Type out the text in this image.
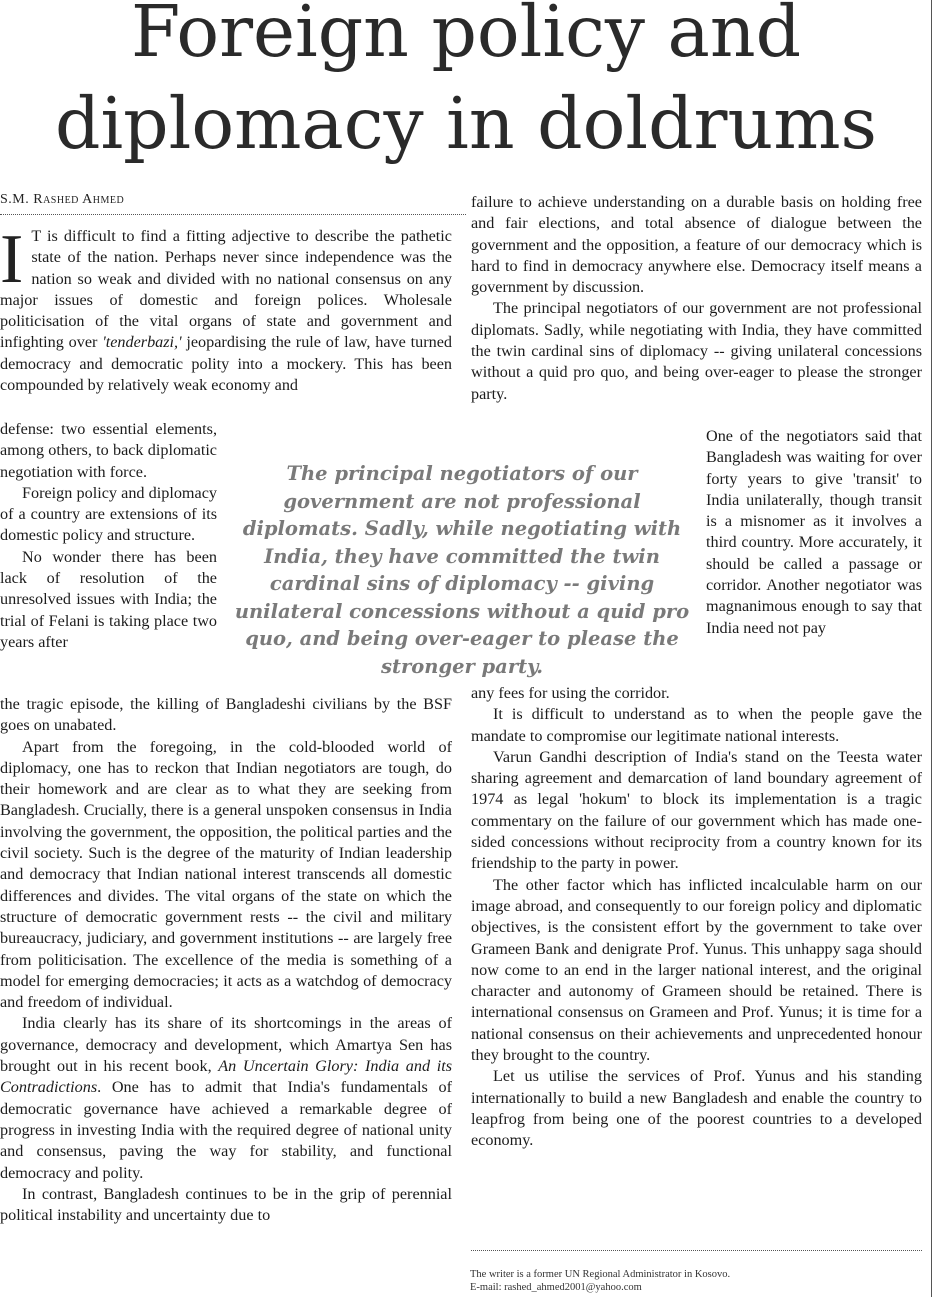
Foreign policy and
diplomacy in doldrums
S.M. Rashed Ahmed

I T is difficult to find a fitting adjective to describe the pathetic state of the nation. Perhaps never since independence was the nation so weak and divided with no national consensus on any major issues of domestic and foreign polices. Wholesale politicisation of the vital organs of state and government and infighting over 'tenderbazi,' jeopardising the rule of law, have turned democracy and democratic polity into a mockery. This has been compounded by relatively weak economy and

defense: two essential elements, among others, to back diplomatic negotiation with force.

Foreign policy and diplomacy of a country are extensions of its domestic policy and structure.

No wonder there has been lack of resolution of the unresolved issues with India; the trial of Felani is taking place two years after

the tragic episode, the killing of Bangladeshi civilians by the BSF goes on unabated.

Apart from the foregoing, in the cold-blooded world of diplomacy, one has to reckon that Indian negotiators are tough, do their homework and are clear as to what they are seeking from Bangladesh. Crucially, there is a general unspoken consensus in India involving the government, the opposition, the political parties and the civil society. Such is the degree of the maturity of Indian leadership and democracy that Indian national interest transcends all domestic differences and divides. The vital organs of the state on which the structure of democratic government rests -- the civil and military bureaucracy, judiciary, and government institutions -- are largely free from politicisation. The excellence of the media is something of a model for emerging democracies; it acts as a watchdog of democracy and freedom of individual.

India clearly has its share of its shortcomings in the areas of governance, democracy and development, which Amartya Sen has brought out in his recent book, An Uncertain Glory: India and its Contradictions. One has to admit that India's fundamentals of democratic governance have achieved a remarkable degree of progress in investing India with the required degree of national unity and consensus, paving the way for stability, and functional democracy and polity.

In contrast, Bangladesh continues to be in the grip of perennial political instability and uncertainty due to

The principal negotiators of our government are not professional diplomats. Sadly, while negotiating with India, they have committed the twin cardinal sins of diplomacy -- giving unilateral concessions without a quid pro quo, and being over-eager to please the stronger party.

failure to achieve understanding on a durable basis on holding free and fair elections, and total absence of dialogue between the government and the opposition, a feature of our democracy which is hard to find in democracy anywhere else. Democracy itself means a government by discussion.

The principal negotiators of our government are not professional diplomats. Sadly, while negotiating with India, they have committed the twin cardinal sins of diplomacy -- giving unilateral concessions without a quid pro quo, and being over-eager to please the stronger party.

One of the negotiators said that Bangladesh was waiting for over forty years to give 'transit' to India unilaterally, though transit is a misnomer as it involves a third country. More accurately, it should be called a passage or corridor. Another negotiator was magnanimous enough to say that India need not pay

any fees for using the corridor.

It is difficult to understand as to when the people gave the mandate to compromise our legitimate national interests.

Varun Gandhi description of India's stand on the Teesta water sharing agreement and demarcation of land boundary agreement of 1974 as legal 'hokum' to block its implementation is a tragic commentary on the failure of our government which has made one-sided concessions without reciprocity from a country known for its friendship to the party in power.

The other factor which has inflicted incalculable harm on our image abroad, and consequently to our foreign policy and diplomatic objectives, is the consistent effort by the government to take over Grameen Bank and denigrate Prof. Yunus. This unhappy saga should now come to an end in the larger national interest, and the original character and autonomy of Grameen should be retained. There is international consensus on Grameen and Prof. Yunus; it is time for a national consensus on their achievements and unprecedented honour they brought to the country.

Let us utilise the services of Prof. Yunus and his standing internationally to build a new Bangladesh and enable the country to leapfrog from being one of the poorest countries to a developed economy.

The writer is a former UN Regional Administrator in Kosovo.
E-mail: rashed_ahmed2001@yahoo.com
